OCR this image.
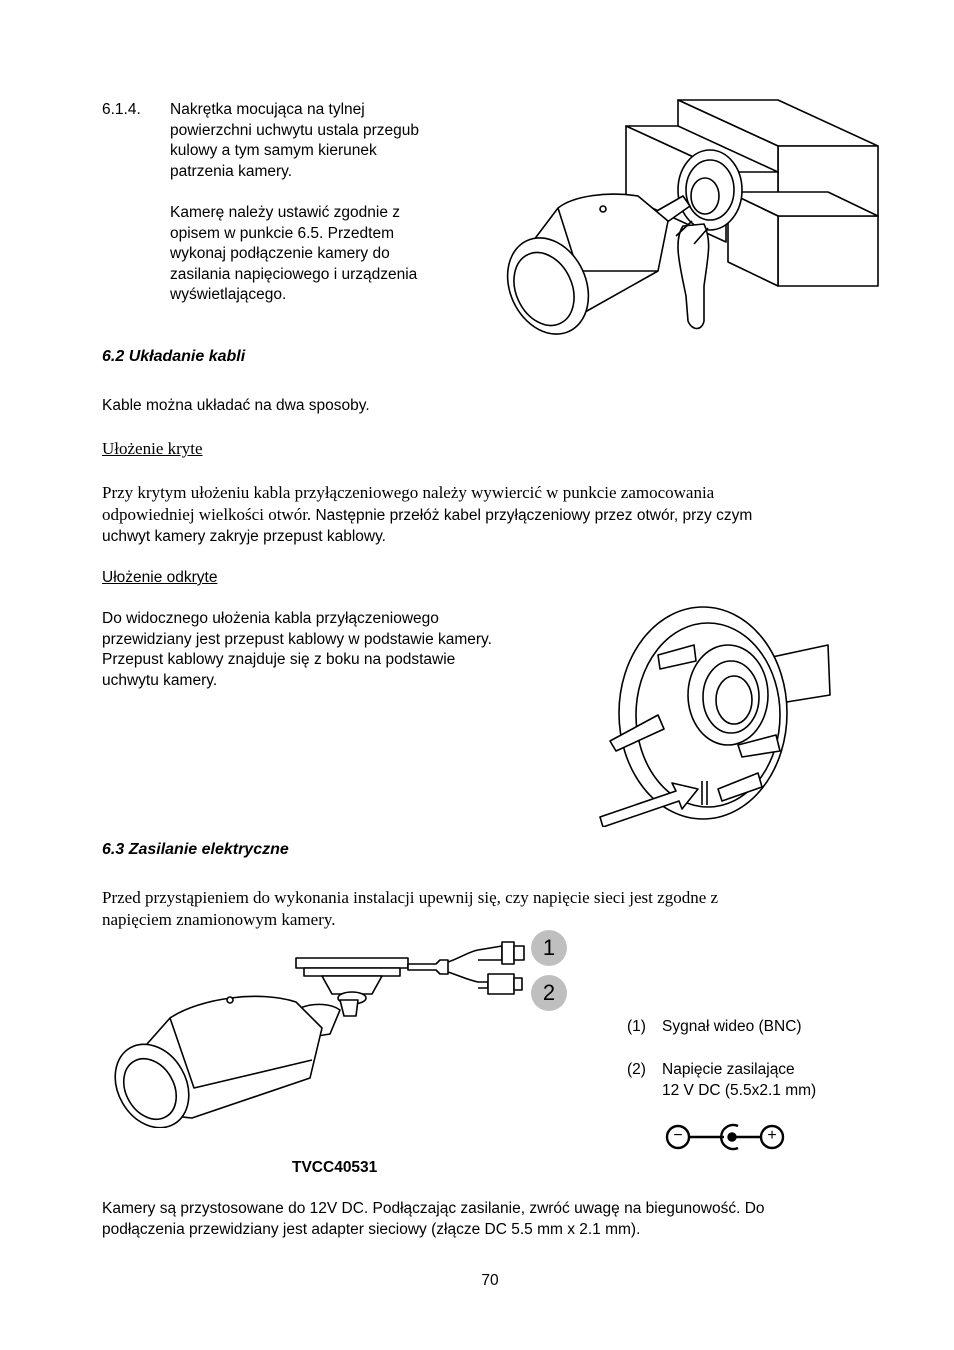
6.1.4. Nakrętka mocująca na tylnej
powierzchni uchwytu ustala przegub
kulowy a tym samym kierunek
patrzenia kamery.
Kamerę należy ustawić zgodnie z
opisem w punkcie 6.5. Przedtem
wykonaj podłączenie kamery do
zasilania napięciowego i urządzenia
wyświetlającego.
6.2 Układanie kabli
Kable można układać na dwa sposoby.
Ułożenie kryte
Przy krytym ułożeniu kabla przyłączeniowego należy wywiercić w punkcie zamocowania
odpowiedniej wielkości otwór. Następnie przełóż kabel przyłączeniowy przez otwór, przy czym
uchwyt kamery zakryje przepust kablowy.
Ułożenie odkryte
Do widocznego ułożenia kabla przyłączeniowego
przewidziany jest przepust kablowy w podstawie kamery.
Przepust kablowy znajduje się z boku na podstawie
uchwytu kamery.
6.3 Zasilanie elektryczne
Przed przystąpieniem do wykonania instalacji upewnij się, czy napięcie sieci jest zgodne z
napięciem znamionowym kamery.
1
2
(1) Sygnał wideo (BNC)
(2) Napięcie zasilające
12 V DC (5.5x2.1 mm)
−	+
TVCC40531
Kamery są przystosowane do 12V DC. Podłączając zasilanie, zwróć uwagę na biegunowość. Do
podłączenia przewidziany jest adapter sieciowy (złącze DC 5.5 mm x 2.1 mm).
70
